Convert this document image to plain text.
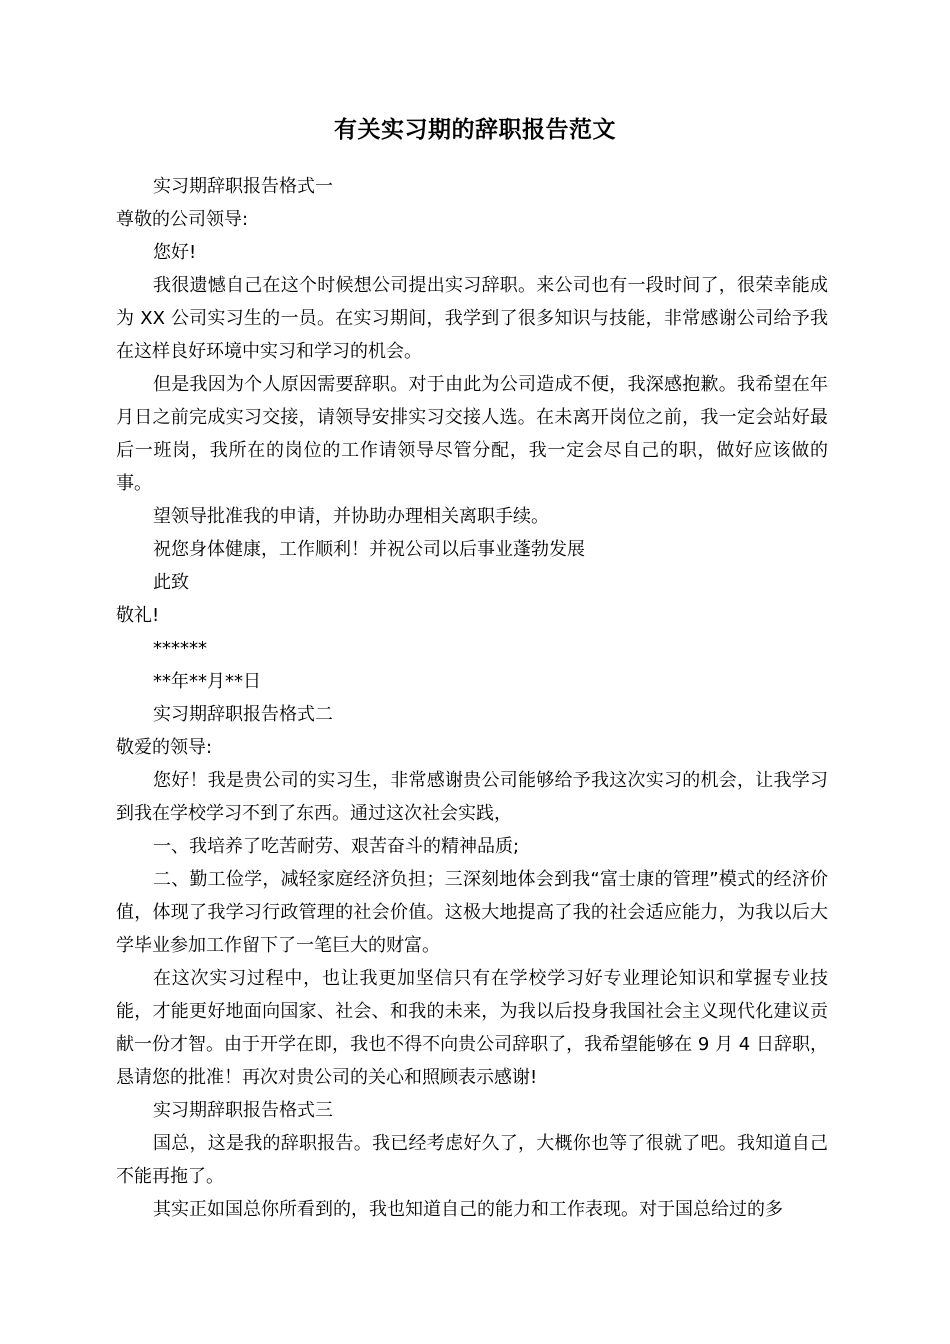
有关实习期的辞职报告范文

实习期辞职报告格式一

尊敬的公司领导:

您好!

我很遗憾自己在这个时候想公司提出实习辞职。来公司也有一段时间了，很荣幸能成为 XX 公司实习生的一员。在实习期间，我学到了很多知识与技能，非常感谢公司给予我在这样良好环境中实习和学习的机会。

但是我因为个人原因需要辞职。对于由此为公司造成不便，我深感抱歉。我希望在年月日之前完成实习交接，请领导安排实习交接人选。在未离开岗位之前，我一定会站好最后一班岗，我所在的岗位的工作请领导尽管分配，我一定会尽自己的职，做好应该做的事。

望领导批准我的申请，并协助办理相关离职手续。

祝您身体健康，工作顺利！并祝公司以后事业蓬勃发展

此致

敬礼!

******

**年**月**日

实习期辞职报告格式二

敬爱的领导:

您好！我是贵公司的实习生，非常感谢贵公司能够给予我这次实习的机会，让我学习到我在学校学习不到了东西。通过这次社会实践，

一、我培养了吃苦耐劳、艰苦奋斗的精神品质;

二、勤工俭学，减轻家庭经济负担；三深刻地体会到我“富士康的管理”模式的经济价值，体现了我学习行政管理的社会价值。这极大地提高了我的社会适应能力，为我以后大学毕业参加工作留下了一笔巨大的财富。

在这次实习过程中，也让我更加坚信只有在学校学习好专业理论知识和掌握专业技能，才能更好地面向国家、社会、和我的未来，为我以后投身我国社会主义现代化建议贡献一份才智。由于开学在即，我也不得不向贵公司辞职了，我希望能够在 9 月 4 日辞职，恳请您的批准！再次对贵公司的关心和照顾表示感谢!

实习期辞职报告格式三

国总，这是我的辞职报告。我已经考虑好久了，大概你也等了很就了吧。我知道自己不能再拖了。

其实正如国总你所看到的，我也知道自己的能力和工作表现。对于国总给过的多
